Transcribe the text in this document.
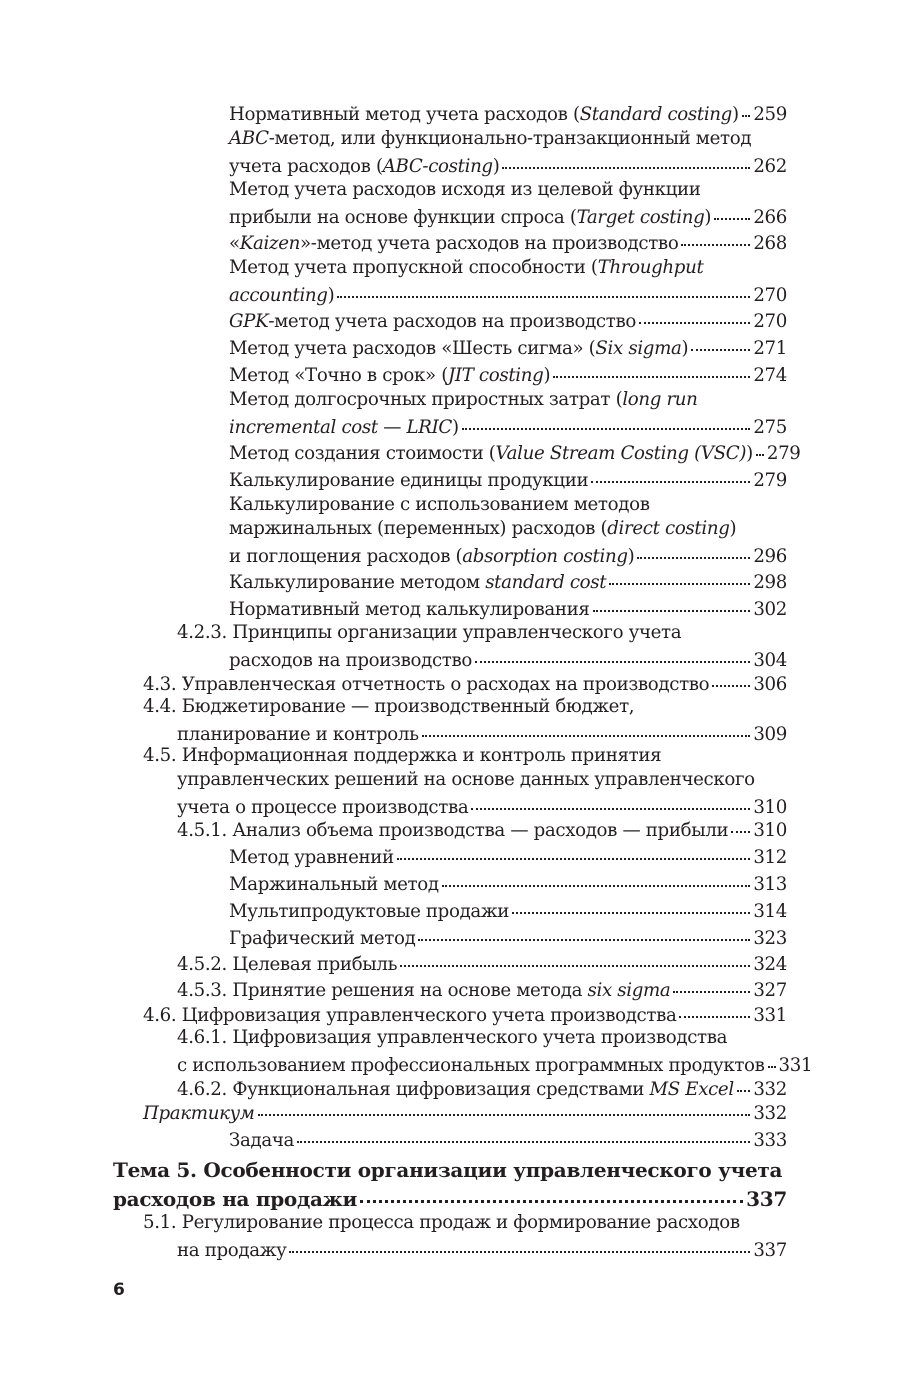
Нормативный метод учета расходов (Standard costing) 259
ABC-метод, или функционально-транзакционный метод
учета расходов (ABC-costing)	262
Метод учета расходов исходя из целевой функции
прибыли на основе функции спроса (Target costing) 266
«Kaizen»-метод учета расходов на производство	268
Метод учета пропускной способности (Throughput
accounting)	270
GPK-метод учета расходов на производство	270
Метод учета расходов «Шесть сигма» (Six sigma)	271
Метод «Точно в срок» (JIT costing)	274
Метод долгосрочных приростных затрат (long run
incremental cost — LRIC)	275
Метод создания стоимости (Value Stream Costing (VSC)) 279
Калькулирование единицы продукции	279
Калькулирование с использованием методов
маржинальных (переменных) расходов (direct costing)
и поглощения расходов (absorption costing)	296
Калькулирование методом standard cost	298
Нормативный метод калькулирования	302
4.2.3. Принципы организации управленческого учета
расходов на производство	304
4.3. Управленческая отчетность о расходах на производство 306
4.4. Бюджетирование — производственный бюджет,
планирование и контроль	309
4.5. Информационная поддержка и контроль принятия
управленческих решений на основе данных управленческого
учета о процессе производства	310
4.5.1. Анализ объема производства — расходов — прибыли 310
Метод уравнений	312
Маржинальный метод	313
Мультипродуктовые продажи	314
Графический метод	323
4.5.2. Целевая прибыль	324
4.5.3. Принятие решения на основе метода six sigma	327
4.6. Цифровизация управленческого учета производства	331
4.6.1. Цифровизация управленческого учета производства
с использованием профессиональных программных продуктов 331
4.6.2. Функциональная цифровизация средствами MS Excel 332
Практикум	332
Задача	333
Тема 5. Особенности организации управленческого учета
расходов на продажи	337
5.1. Регулирование процесса продаж и формирование расходов
на продажу	337
6
